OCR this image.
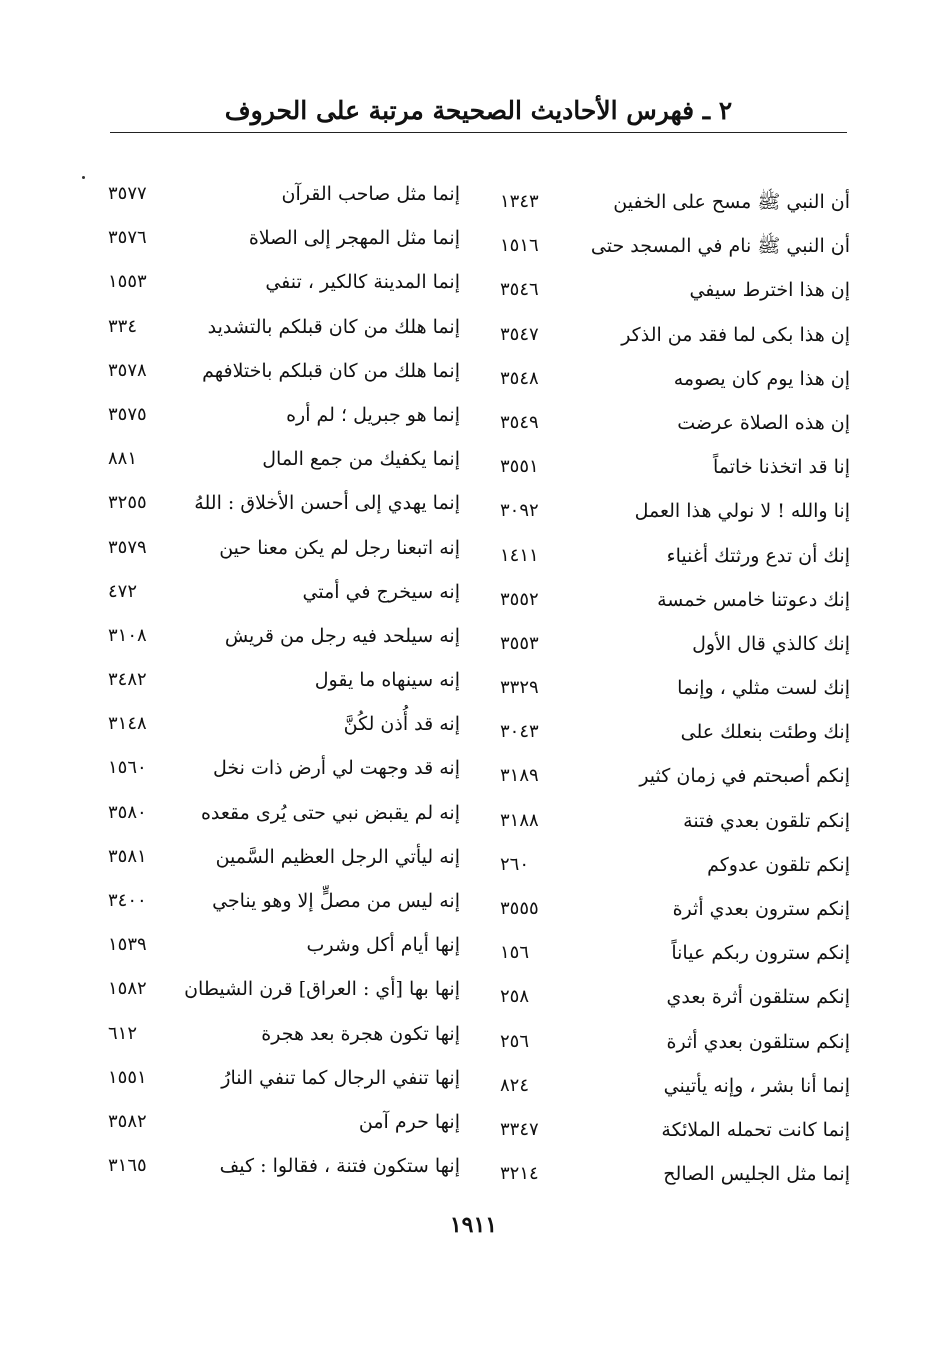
٢ ـ فهرس الأحاديث الصحيحة مرتبة على الحروف
أن النبي ﷺ مسح على الخفين
١٣٤٣
أن النبي ﷺ نام في المسجد حتى
١٥١٦
إن هذا اخترط سيفي
٣٥٤٦
إن هذا بكى لما فقد من الذكر
٣٥٤٧
إن هذا يوم كان يصومه
٣٥٤٨
إن هذه الصلاة عرضت
٣٥٤٩
إنا قد اتخذنا خاتماً
٣٥٥١
إنا والله ! لا نولي هذا العمل
٣٠٩٢
إنك أن تدع ورثتك أغنياء
١٤١١
إنك دعوتنا خامس خمسة
٣٥٥٢
إنك كالذي قال الأول
٣٥٥٣
إنك لست مثلي ، وإنما
٣٣٢٩
إنك وطئت بنعلك على
٣٠٤٣
إنكم أصبحتم في زمان كثير
٣١٨٩
إنكم تلقون بعدي فتنة
٣١٨٨
إنكم تلقون عدوكم
٢٦٠
إنكم سترون بعدي أثرة
٣٥٥٥
إنكم سترون ربكم عياناً
١٥٦
إنكم ستلقون أثرة بعدي
٢٥٨
إنكم ستلقون بعدي أثرة
٢٥٦
إنما أنا بشر ، وإنه يأتيني
٨٢٤
إنما كانت تحمله الملائكة
٣٣٤٧
إنما مثل الجليس الصالح
٣٢١٤
إنما مثل صاحب القرآن
٣٥٧٧
إنما مثل المهجر إلى الصلاة
٣٥٧٦
إنما المدينة كالكير ، تنفي
١٥٥٣
إنما هلك من كان قبلكم بالتشديد
٣٣٤
إنما هلك من كان قبلكم باختلافهم
٣٥٧٨
إنما هو جبريل ؛ لم أره
٣٥٧٥
إنما يكفيك من جمع المال
٨٨١
إنما يهدي إلى أحسن الأخلاق : اللهُ
٣٢٥٥
إنه اتبعنا رجل لم يكن معنا حين
٣٥٧٩
إنه سيخرج في أمتي
٤٧٢
إنه سيلحد فيه رجل من قريش
٣١٠٨
إنه سينهاه ما يقول
٣٤٨٢
إنه قد أُذن لكُنَّ
٣١٤٨
إنه قد وجهت لي أرض ذات نخل
١٥٦٠
إنه لم يقبض نبي حتى يُرى مقعده
٣٥٨٠
إنه ليأتي الرجل العظيم السَّمين
٣٥٨١
إنه ليس من مصلٍّ إلا وهو يناجي
٣٤٠٠
إنها أيام أكل وشرب
١٥٣٩
إنها بها [أي : العراق] قرن الشيطان
١٥٨٢
إنها تكون هجرة بعد هجرة
٦١٢
إنها تنفي الرجال كما تنفي النارُ
١٥٥١
إنها حرم آمن
٣٥٨٢
إنها ستكون فتنة ، فقالوا : كيف
٣١٦٥
١٩١١
